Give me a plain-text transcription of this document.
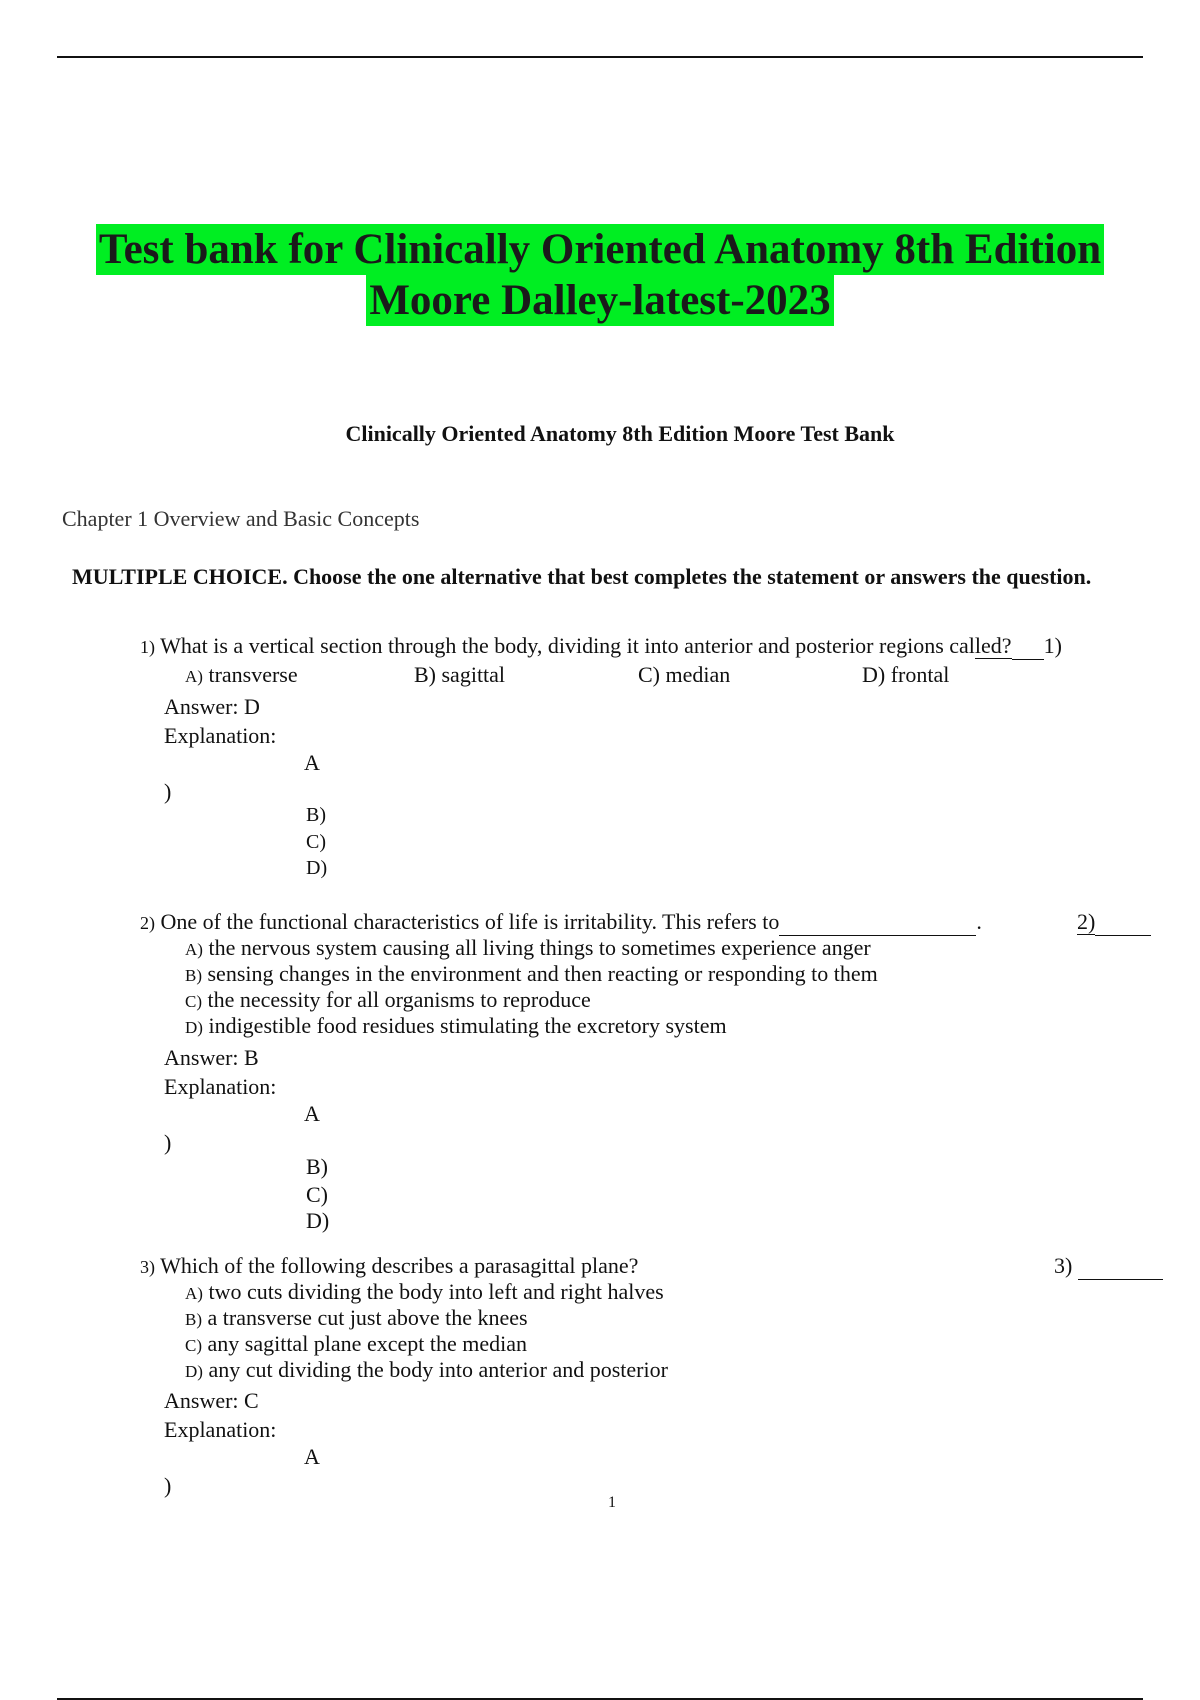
Test bank for Clinically Oriented Anatomy 8th Edition
Moore Dalley-latest-2023
Clinically Oriented Anatomy 8th Edition Moore Test Bank
Chapter 1 Overview and Basic Concepts
MULTIPLE CHOICE. Choose the one alternative that best completes the statement or answers the question.
1) What is a vertical section through the body, dividing it into anterior and posterior regions called? 1)
A) transverse	B) sagittal	C) median	D) frontal
Answer: D
Explanation:
A
)
B)
C)
D)
2) One of the functional characteristics of life is irritability. This refers to	.	2)
A) the nervous system causing all living things to sometimes experience anger
B) sensing changes in the environment and then reacting or responding to them
C) the necessity for all organisms to reproduce
D) indigestible food residues stimulating the excretory system
Answer: B
Explanation:
A
)
B)
C)
D)
3) Which of the following describes a parasagittal plane?	3)
A) two cuts dividing the body into left and right halves
B) a transverse cut just above the knees
C) any sagittal plane except the median
D) any cut dividing the body into anterior and posterior
Answer: C
Explanation:
A
)
1
